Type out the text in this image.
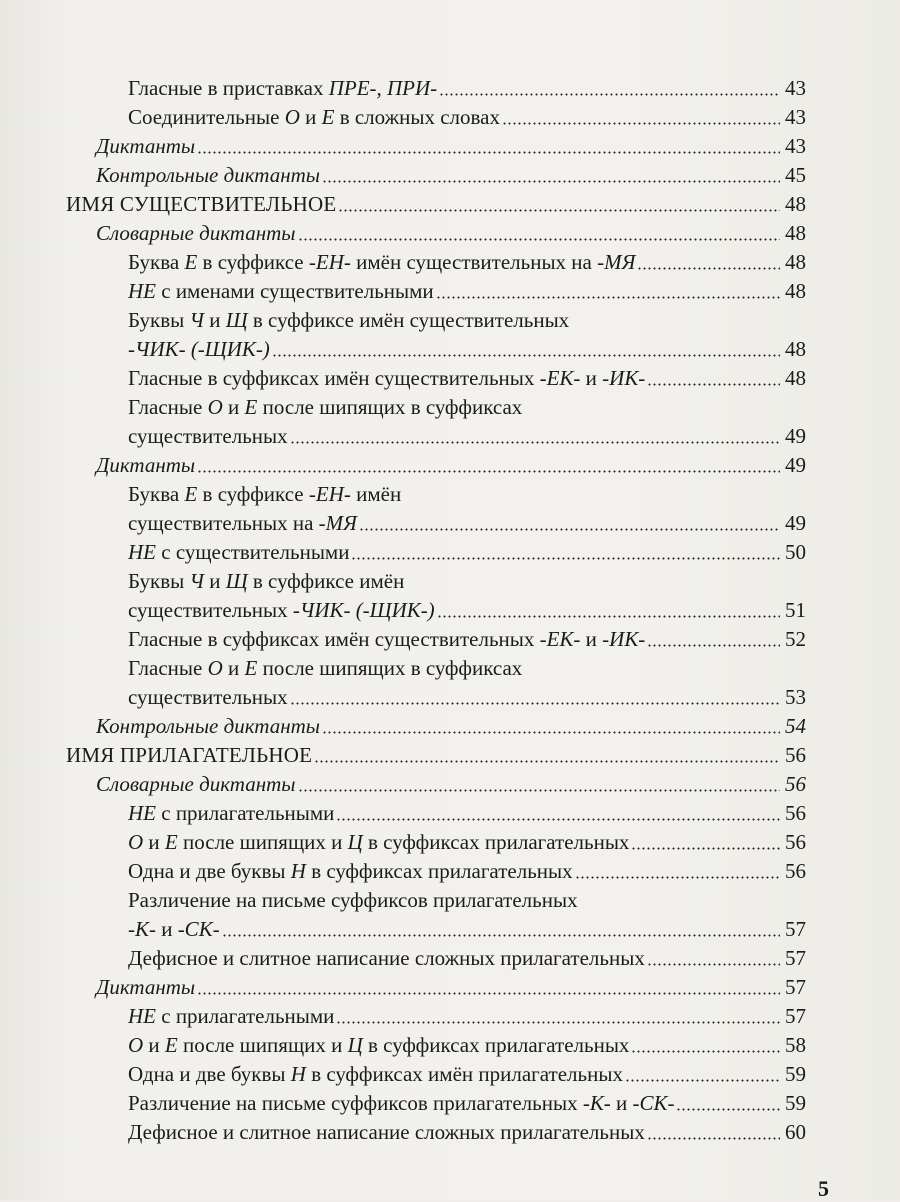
Гласные в приставках ПРЕ-, ПРИ-	43
Соединительные О и Е в сложных словах	43
Диктанты	43
Контрольные диктанты	45
ИМЯ СУЩЕСТВИТЕЛЬНОЕ	48
Словарные диктанты	48
Буква Е в суффиксе -ЕН- имён существительных на -МЯ	48
НЕ с именами существительными	48
Буквы Ч и Щ в суффиксе имён существительных
-ЧИК- (-ЩИК-)	48
Гласные в суффиксах имён существительных -ЕК- и -ИК-	48
Гласные О и Е после шипящих в суффиксах
существительных	49
Диктанты	49
Буква Е в суффиксе -ЕН- имён
существительных на -МЯ	49
НЕ с существительными	50
Буквы Ч и Щ в суффиксе имён
существительных -ЧИК- (-ЩИК-)	51
Гласные в суффиксах имён существительных -ЕК- и -ИК-	52
Гласные О и Е после шипящих в суффиксах
существительных	53
Контрольные диктанты	54
ИМЯ ПРИЛАГАТЕЛЬНОЕ	56
Словарные диктанты	56
НЕ с прилагательными	56
О и Е после шипящих и Ц в суффиксах прилагательных	56
Одна и две буквы Н в суффиксах прилагательных	56
Различение на письме суффиксов прилагательных
-К- и -СК-	57
Дефисное и слитное написание сложных прилагательных	57
Диктанты	57
НЕ с прилагательными	57
О и Е после шипящих и Ц в суффиксах прилагательных	58
Одна и две буквы Н в суффиксах имён прилагательных	59
Различение на письме суффиксов прилагательных -К- и -СК-	59
Дефисное и слитное написание сложных прилагательных	60
5
